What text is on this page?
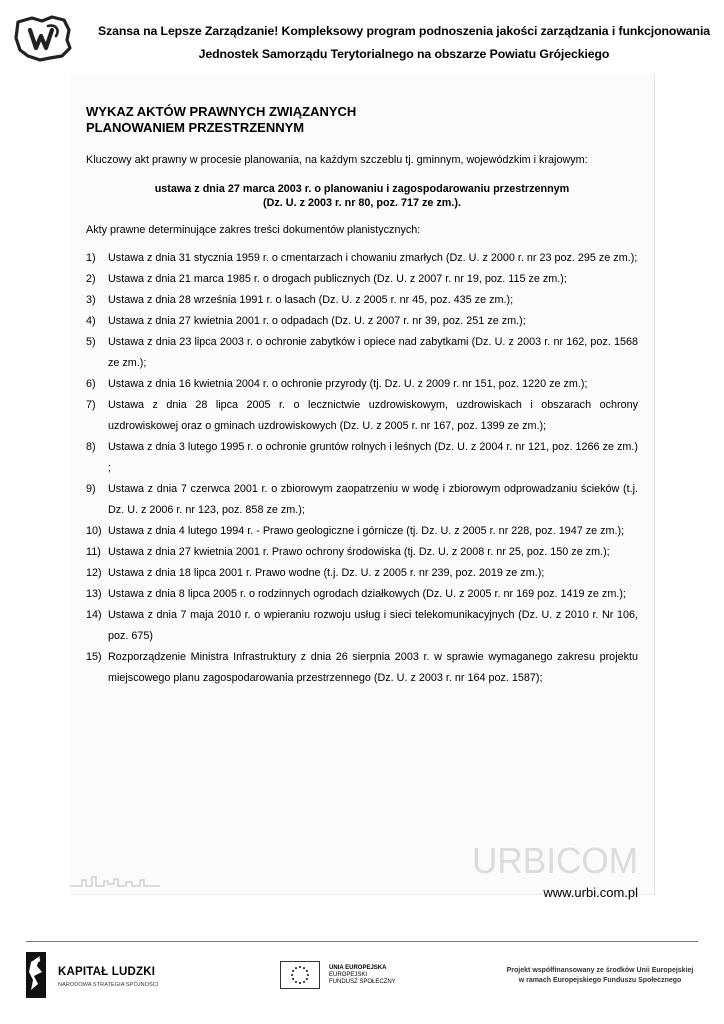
Szansa na Lepsze Zarządzanie! Kompleksowy program podnoszenia jakości zarządzania i funkcjonowania
Jednostek Samorządu Terytorialnego na obszarze Powiatu Grójeckiego
WYKAZ AKTÓW PRAWNYCH ZWIĄZANYCH
PLANOWANIEM PRZESTRZENNYM
Kluczowy akt prawny w procesie planowania, na każdym szczeblu tj. gminnym, wojewódzkim i krajowym:
ustawa z dnia 27 marca 2003 r. o planowaniu i zagospodarowaniu przestrzennym
(Dz. U. z 2003 r. nr 80, poz. 717 ze zm.).
Akty prawne determinujące zakres treści dokumentów planistycznych:
1) Ustawa z dnia 31 stycznia 1959 r. o cmentarzach i chowaniu zmarłych (Dz. U. z 2000 r. nr 23 poz. 295 ze zm.);
2) Ustawa z dnia 21 marca 1985 r. o drogach publicznych (Dz. U. z 2007 r. nr 19, poz. 115 ze zm.);
3) Ustawa z dnia 28 września 1991 r. o lasach (Dz. U. z 2005 r. nr 45, poz. 435 ze zm.);
4) Ustawa z dnia 27 kwietnia 2001 r. o odpadach (Dz. U. z 2007 r. nr 39, poz. 251 ze zm.);
5) Ustawa z dnia 23 lipca 2003 r. o ochronie zabytków i opiece nad zabytkami (Dz. U. z 2003 r. nr 162, poz. 1568 ze zm.);
6) Ustawa z dnia 16 kwietnia 2004 r. o ochronie przyrody (tj. Dz. U. z 2009 r. nr 151, poz. 1220 ze zm.);
7) Ustawa z dnia 28 lipca 2005 r. o lecznictwie uzdrowiskowym, uzdrowiskach i obszarach ochrony uzdrowiskowej oraz o gminach uzdrowiskowych (Dz. U. z 2005 r. nr 167, poz. 1399 ze zm.);
8) Ustawa z dnia 3 lutego 1995 r. o ochronie gruntów rolnych i leśnych (Dz. U. z 2004 r. nr 121, poz. 1266 ze zm.) ;
9) Ustawa z dnia 7 czerwca 2001 r. o zbiorowym zaopatrzeniu w wodę i zbiorowym odprowadzaniu ścieków (t.j. Dz. U. z 2006 r. nr 123, poz. 858 ze zm.);
10) Ustawa z dnia 4 lutego 1994 r. - Prawo geologiczne i górnicze (tj. Dz. U. z 2005 r. nr 228, poz. 1947 ze zm.);
11) Ustawa z dnia 27 kwietnia 2001 r. Prawo ochrony środowiska (tj. Dz. U. z 2008 r. nr 25, poz. 150 ze zm.);
12) Ustawa z dnia 18 lipca 2001 r. Prawo wodne (t.j. Dz. U. z 2005 r. nr 239, poz. 2019 ze zm.);
13) Ustawa z dnia 8 lipca 2005 r. o rodzinnych ogrodach działkowych (Dz. U. z 2005 r. nr 169 poz. 1419 ze zm.);
14) Ustawa z dnia 7 maja 2010 r. o wpieraniu rozwoju usług i sieci telekomunikacyjnych (Dz. U. z 2010 r. Nr 106, poz. 675)
15) Rozporządzenie Ministra Infrastruktury z dnia 26 sierpnia 2003 r. w sprawie wymaganego zakresu projektu miejscowego planu zagospodarowania przestrzennego (Dz. U. z 2003 r. nr 164 poz. 1587);
URBICOM
www.urbi.com.pl
KAPITAŁ LUDZKI
NARODOWA STRATEGIA SPÓJNOŚCI
UNIA EUROPEJSKA
EUROPEJSKI
FUNDUSZ SPOŁECZNY
Projekt współfinansowany ze środków Unii Europejskiej
w ramach Europejskiego Funduszu Społecznego
